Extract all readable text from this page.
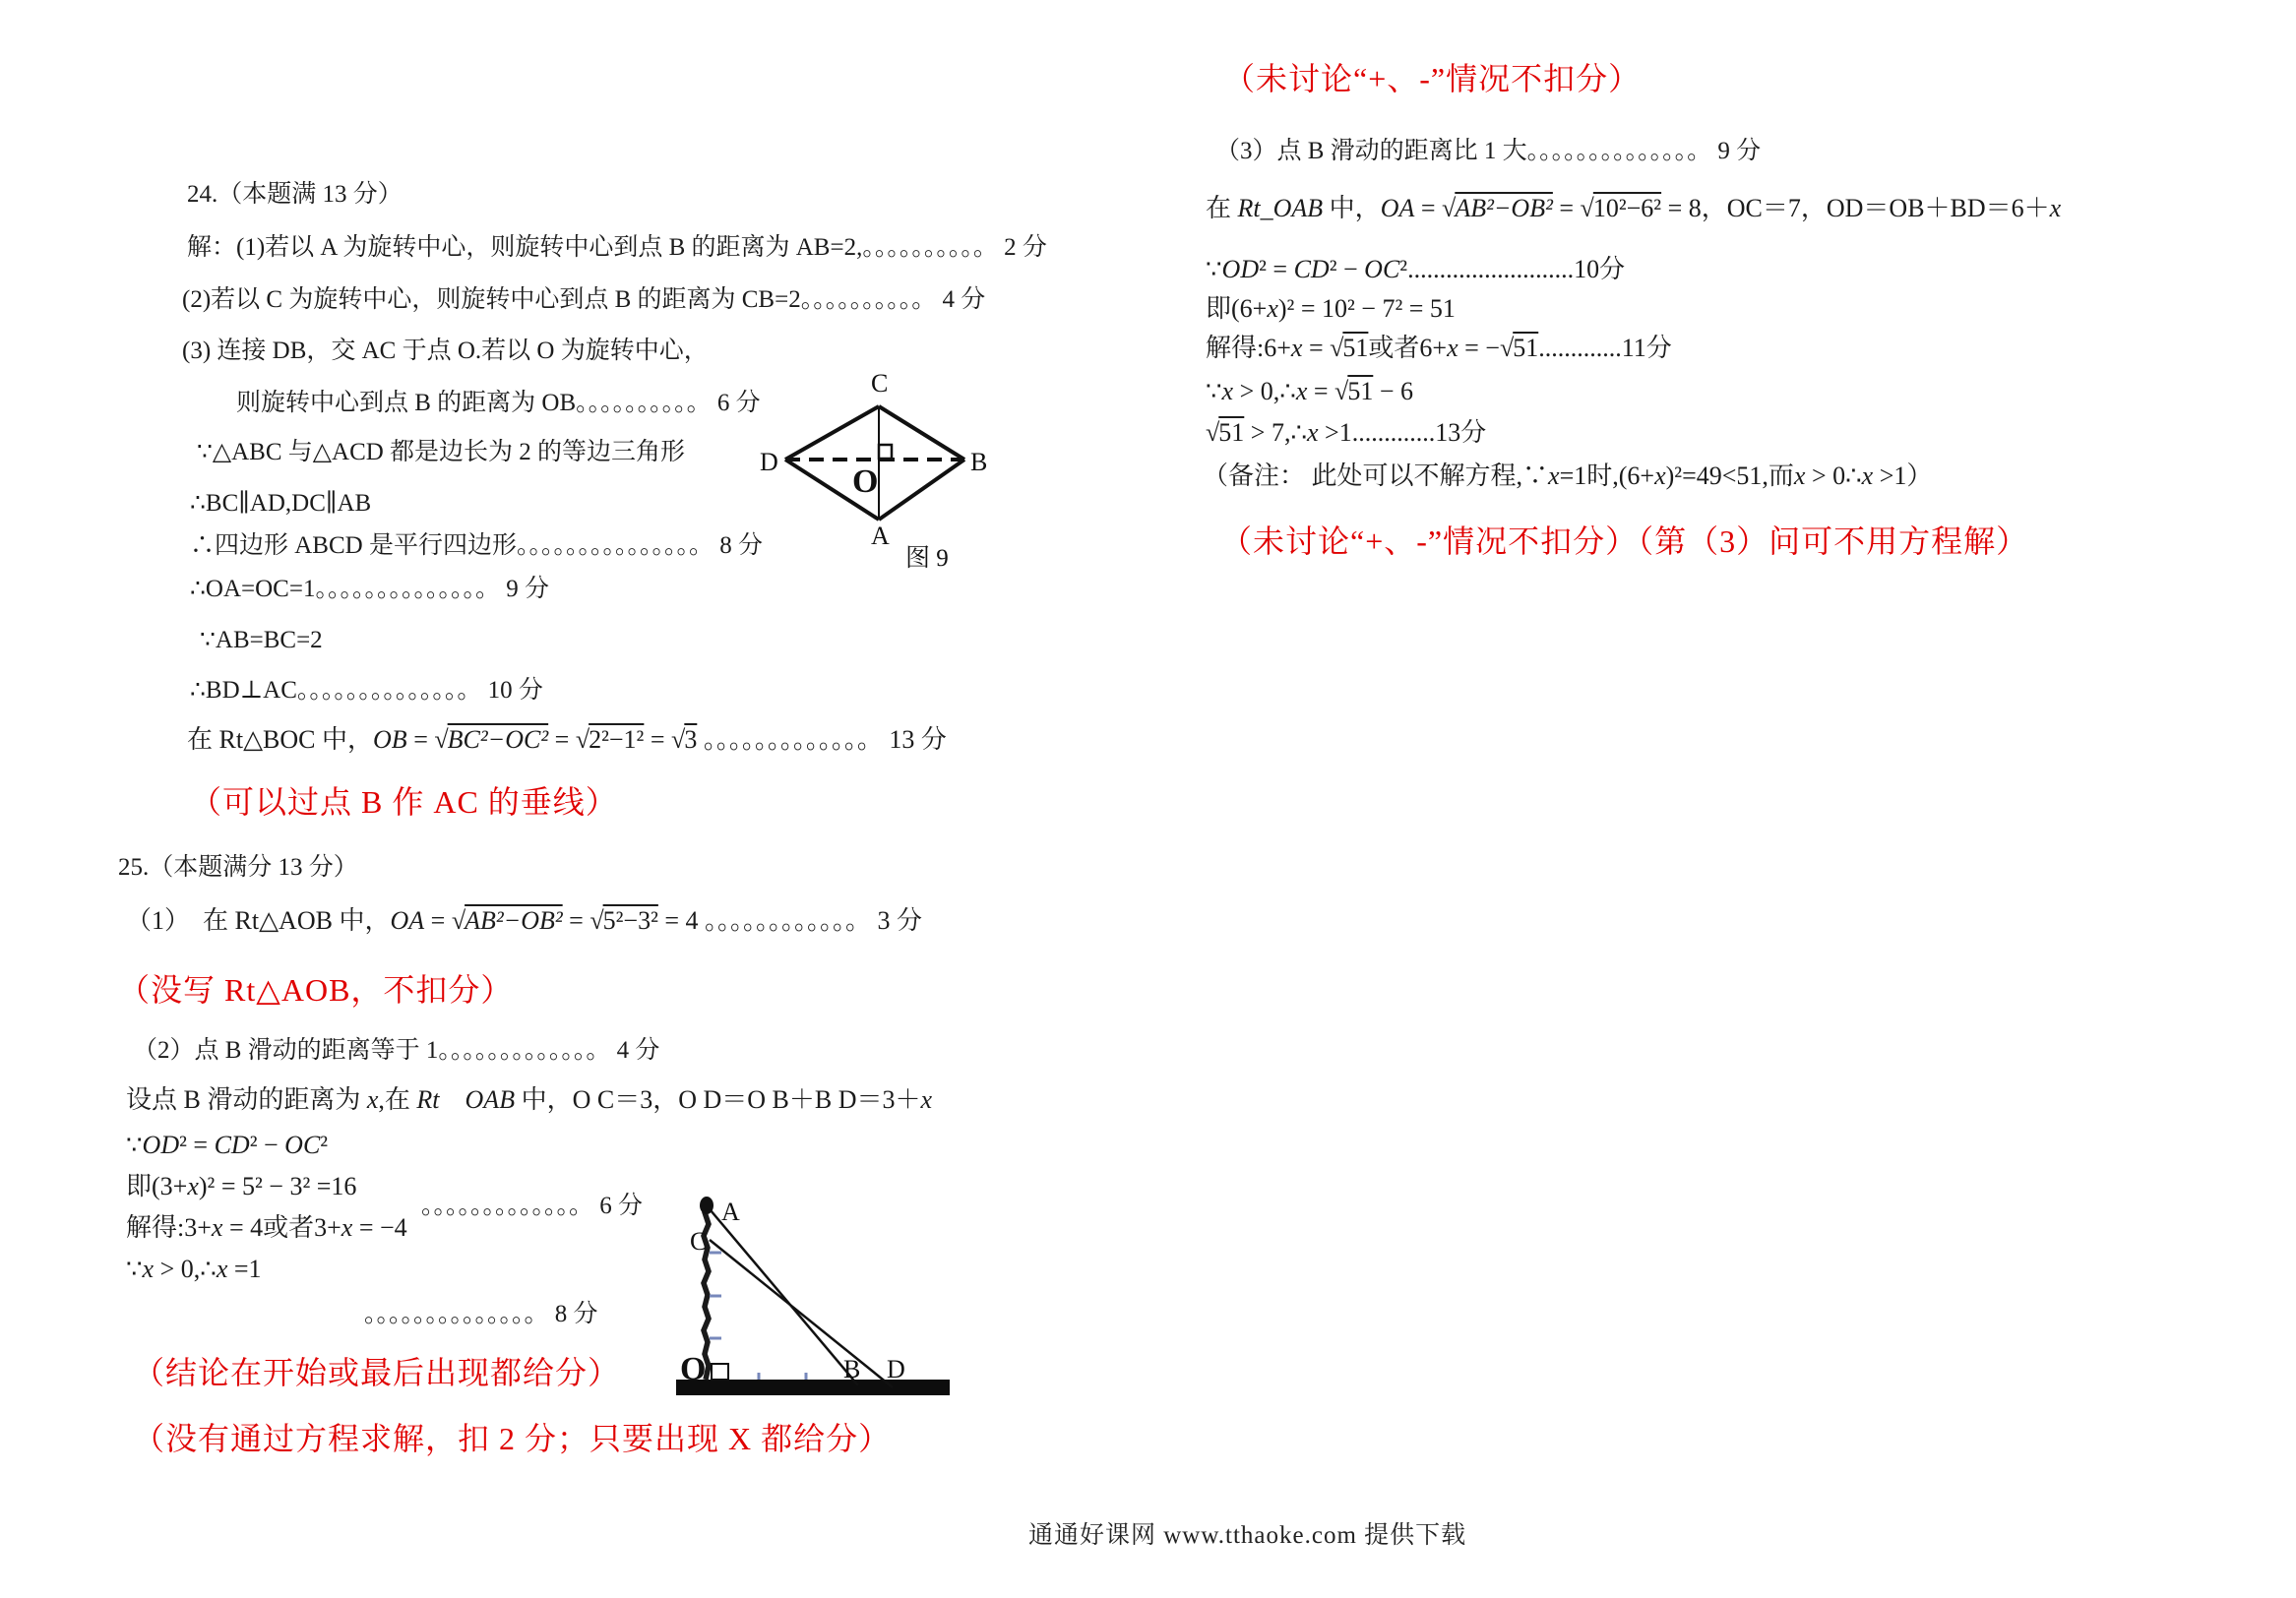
24.（本题满 13 分）
解：(1)若以 A 为旋转中心，则旋转中心到点 B 的距离为 AB=2,。。。。。。。。。。 2 分
(2)若以 C 为旋转中心，则旋转中心到点 B 的距离为 CB=2。。。。。。。。。。 4 分
(3) 连接 DB，交 AC 于点 O.若以 O 为旋转中心，
则旋转中心到点 B 的距离为 OB。。。。。。。。。。 6 分
∵△ABC 与△ACD 都是边长为 2 的等边三角形
∴BC∥AD,DC∥AB
∴四边形 ABCD 是平行四边形。。。。。。。。。。。。。。。 8 分
∴OA=OC=1。。。。。。。。。。。。。。 9 分
∵AB=BC=2
∴BD⊥AC。。。。。。。。。。。。。。 10 分
在 Rt△BOC 中，OB = √BC²−OC² = √2²−1² = √3 。。。。。。。。。。。。。 13 分
（可以过点 B 作 AC 的垂线）
25.（本题满分 13 分）
（1）　在 Rt△AOB 中，OA = √AB²−OB² = √5²−3² = 4 。。。。。。。。。。。。 3 分
（没写 Rt△AOB，不扣分）
（2）点 B 滑动的距离等于 1。。。。。。。。。。。。。 4 分
设点 B 滑动的距离为 x,在 Rt　 OAB 中，O C＝3，O D＝O B＋B D＝3＋x
∵OD² = CD² − OC²
即(3+x)² = 5² − 3² =16
。。。。。。。。。。。。。 6 分
解得:3+x = 4或者3+x = −4
∵x > 0,∴x =1
。。。。。。。。。。。。。。 8 分
（结论在开始或最后出现都给分）
（没有通过方程求解，扣 2 分；只要出现 X 都给分）
（未讨论“+、-”情况不扣分）
（3）点 B 滑动的距离比 1 大。。。。。。。。。。。。。。 9 分
在 Rt_OAB 中，OA = √AB²−OB² = √10²−6² = 8，OC＝7，OD＝OB＋BD＝6＋x
∵OD² = CD² − OC²..........................10分
即(6+x)² = 10² − 7² = 51
解得:6+x = √51或者6+x = −√51.............11分
∵x > 0,∴x = √51 − 6
√51 > 7,∴x >1.............13分
（备注： 此处可以不解方程,∵x=1时,(6+x)²=49<51,而x > 0∴x >1）
（未讨论“+、-”情况不扣分）（第（3）问可不用方程解）
C
D	B
A
O
图 9
A
C
O	B D
通通好课网 www.tthaoke.com 提供下载
